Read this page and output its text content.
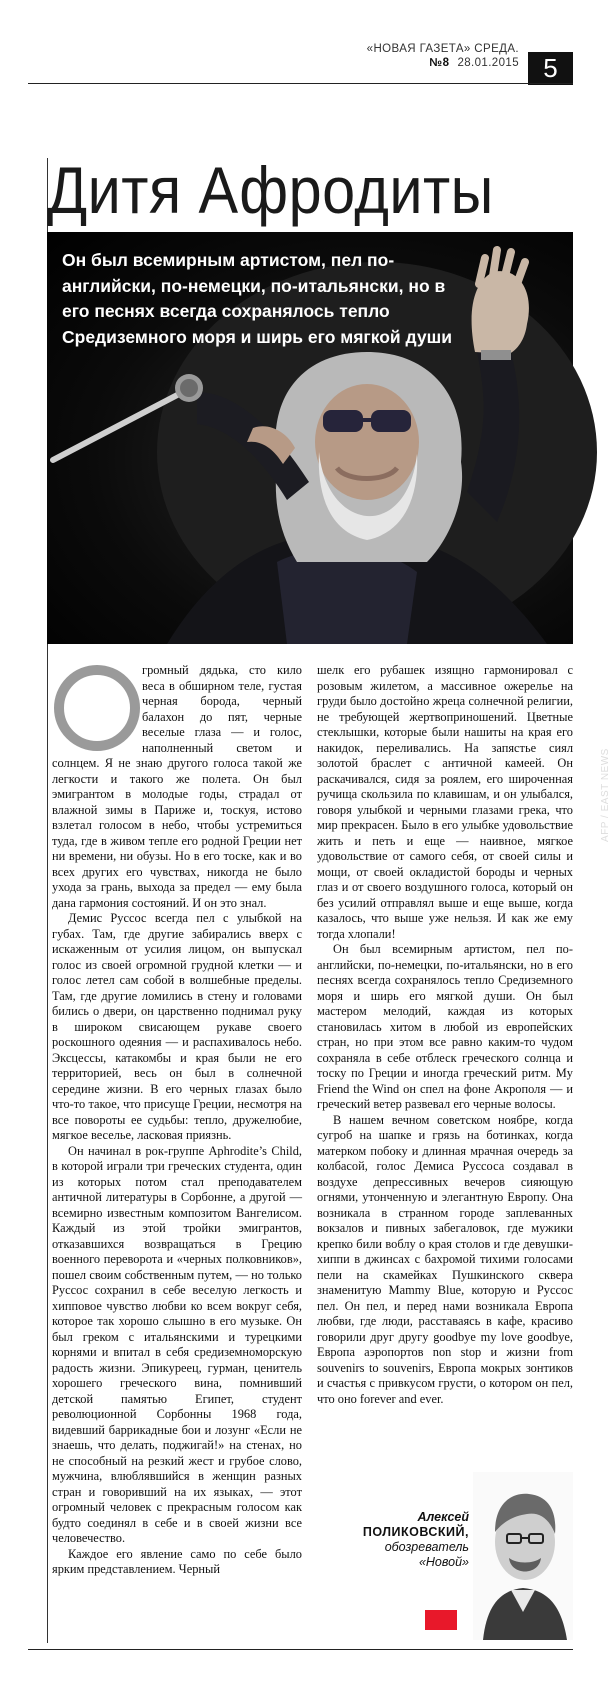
«НОВАЯ ГАЗЕТА» СРЕДА.
№8 28.01.2015 5
Дитя Афродиты
AFP / EAST NEWS

Он был всемирным артистом, пел по-английски, по-немецки, по-итальянски, но в его песнях всегда сохранялось тепло Средиземного моря и ширь его мягкой души

громный дядька, сто кило веса в обширном теле, густая черная борода, черный балахон до пят, черные веселые глаза — и голос, наполненный светом и солнцем. Я не знаю другого голоса такой же легкости и такого же полета. Он был эмигрантом в молодые годы, страдал от влажной зимы в Париже и, тоскуя, истово взлетал голосом в небо, чтобы устремиться туда, где в живом тепле его родной Греции нет ни времени, ни обузы. Но в его тоске, как и во всех других его чувствах, никогда не было ухода за грань, выхода за предел — ему была дана гармония состояний. И он это знал.

Демис Руссос всегда пел с улыбкой на губах. Там, где другие забирались вверх с искаженным от усилия лицом, он выпускал голос из своей огромной грудной клетки — и голос летел сам собой в волшебные пределы. Там, где другие ломились в стену и головами бились о двери, он царственно поднимал руку в широком свисающем рукаве своего роскошного одеяния — и распахивалось небо. Эксцессы, катакомбы и края были не его территорией, весь он был в солнечной середине жизни. В его черных глазах было что-то такое, что присуще Греции, несмотря на все повороты ее судьбы: тепло, дружелюбие, мягкое веселье, ласковая приязнь.

Он начинал в рок-группе Aphrodite’s Child, в которой играли три греческих студента, один из которых потом стал преподавателем античной литературы в Сорбонне, а другой — всемирно известным композитом Вангелисом. Каждый из этой тройки эмигрантов, отказавшихся возвращаться в Грецию военного переворота и «черных полковников», пошел своим собственным путем, — но только Руссос сохранил в себе веселую легкость и хипповое чувство любви ко всем вокруг себя, которое так хорошо слышно в его музыке. Он был греком с итальянскими и турецкими корнями и впитал в себя средиземноморскую радость жизни. Эпикуреец, гурман, ценитель хорошего греческого вина, помнивший детской памятью Египет, студент революционной Сорбонны 1968 года, видевший баррикадные бои и лозунг «Если не знаешь, что делать, поджигай!» на стенах, но не способный на резкий жест и грубое слово, мужчина, влюблявшийся в женщин разных стран и говоривший на их языках, — этот огромный человек с прекрасным голосом как будто соединял в себе и в своей жизни все человечество.

Каждое его явление само по себе было ярким представлением. Черный

шелк его рубашек изящно гармонировал с розовым жилетом, а массивное ожерелье на груди было достойно жреца солнечной религии, не требующей жертвоприношений. Цветные стеклышки, которые были нашиты на края его накидок, переливались. На запястье сиял золотой браслет с античной камеей. Он раскачивался, сидя за роялем, его широченная ручища скользила по клавишам, и он улыбался, говоря улыбкой и черными глазами грека, что мир прекрасен. Было в его улыбке удовольствие жить и петь и еще — наивное, мягкое удовольствие от самого себя, от своей силы и мощи, от своей окладистой бороды и черных глаз и от своего воздушного голоса, который он без усилий отправлял выше и еще выше, когда казалось, что выше уже нельзя. И как же ему тогда хлопали!

Он был всемирным артистом, пел по-английски, по-немецки, по-итальянски, но в его песнях всегда сохранялось тепло Средиземного моря и ширь его мягкой души. Он был мастером мелодий, каждая из которых становилась хитом в любой из европейских стран, но при этом все равно каким-то чудом сохраняла в себе отблеск греческого солнца и тоску по Греции и иногда греческий ритм. My Friend the Wind он спел на фоне Акрополя — и греческий ветер развевал его черные волосы.

В нашем вечном советском ноябре, когда сугроб на шапке и грязь на ботинках, когда матерком побоку и длинная мрачная очередь за колбасой, голос Демиса Руссоса создавал в воздухе депрессивных вечеров сияющую огнями, утонченную и элегантную Европу. Она возникала в странном городе заплеванных вокзалов и пивных забегаловок, где мужики крепко били воблу о края столов и где девушки-хиппи в джинсах с бахромой тихими голосами пели на скамейках Пушкинского сквера знаменитую Mammy Blue, которую и Руссос пел. Он пел, и перед нами возникала Европа любви, где люди, расставаясь в кафе, красиво говорили друг другу goodbye my love goodbye, Европа аэропортов non stop и жизни from souvenirs to souvenirs, Европа мокрых зонтиков и счастья с привкусом грусти, о котором он пел, что оно forever and ever.

Алексей
ПОЛИКОВСКИЙ,
обозреватель
«Новой»
